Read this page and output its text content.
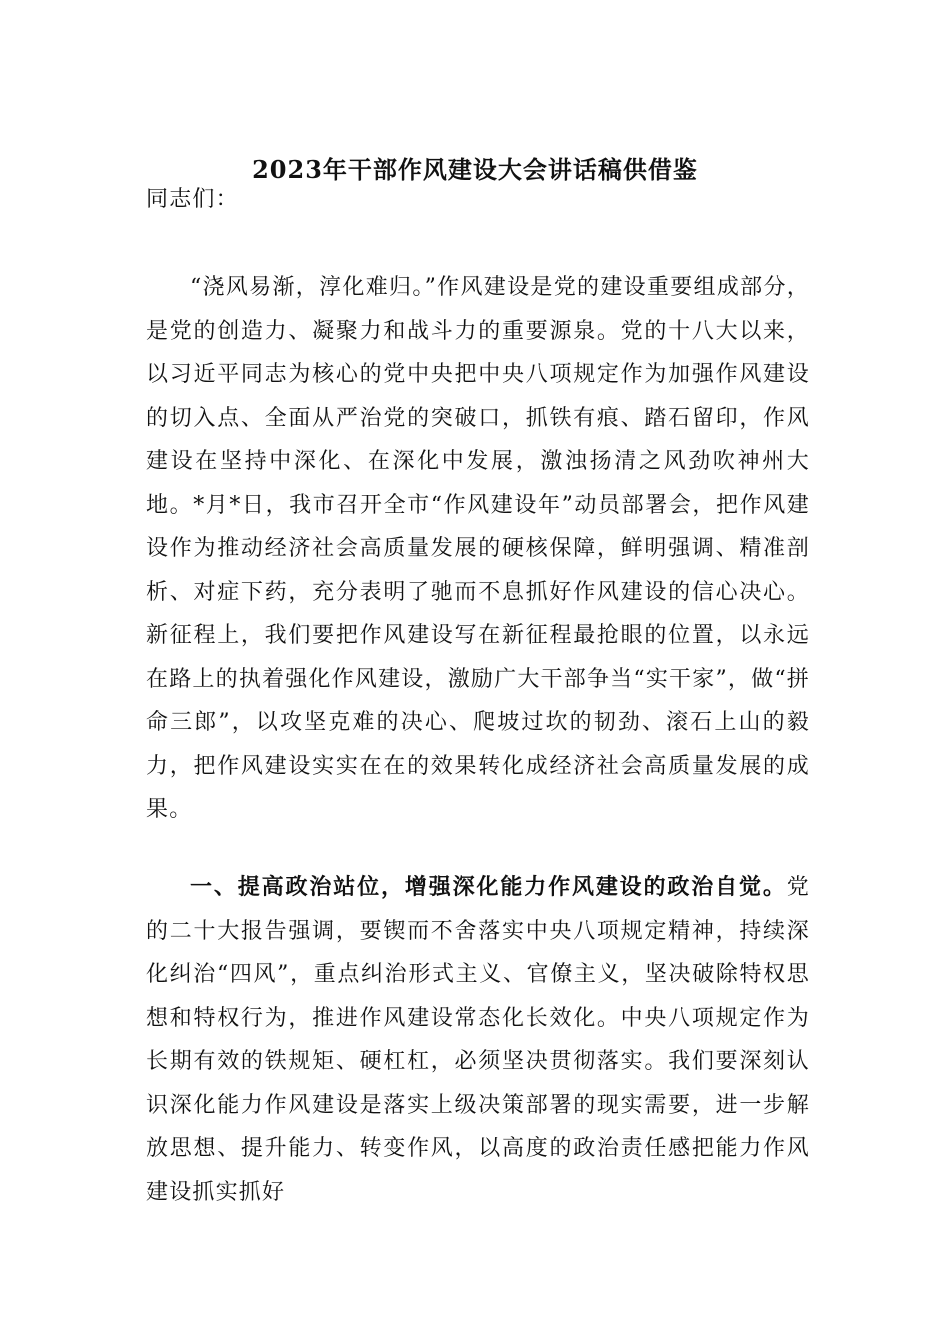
2023年干部作风建设大会讲话稿供借鉴

同志们：

“浇风易渐，淳化难归。”作风建设是党的建设重要组成部分，是党的创造力、凝聚力和战斗力的重要源泉。党的十八大以来，以习近平同志为核心的党中央把中央八项规定作为加强作风建设的切入点、全面从严治党的突破口，抓铁有痕、踏石留印，作风建设在坚持中深化、在深化中发展，激浊扬清之风劲吹神州大地。*月*日，我市召开全市“作风建设年”动员部署会，把作风建设作为推动经济社会高质量发展的硬核保障，鲜明强调、精准剖析、对症下药，充分表明了驰而不息抓好作风建设的信心决心。新征程上，我们要把作风建设写在新征程最抢眼的位置，以永远在路上的执着强化作风建设，激励广大干部争当“实干家”，做“拼命三郎”，以攻坚克难的决心、爬坡过坎的韧劲、滚石上山的毅力，把作风建设实实在在的效果转化成经济社会高质量发展的成果。

一、提高政治站位，增强深化能力作风建设的政治自觉。党的二十大报告强调，要锲而不舍落实中央八项规定精神，持续深化纠治“四风”，重点纠治形式主义、官僚主义，坚决破除特权思想和特权行为，推进作风建设常态化长效化。中央八项规定作为长期有效的铁规矩、硬杠杠，必须坚决贯彻落实。我们要深刻认识深化能力作风建设是落实上级决策部署的现实需要，进一步解放思想、提升能力、转变作风，以高度的政治责任感把能力作风建设抓实抓好
